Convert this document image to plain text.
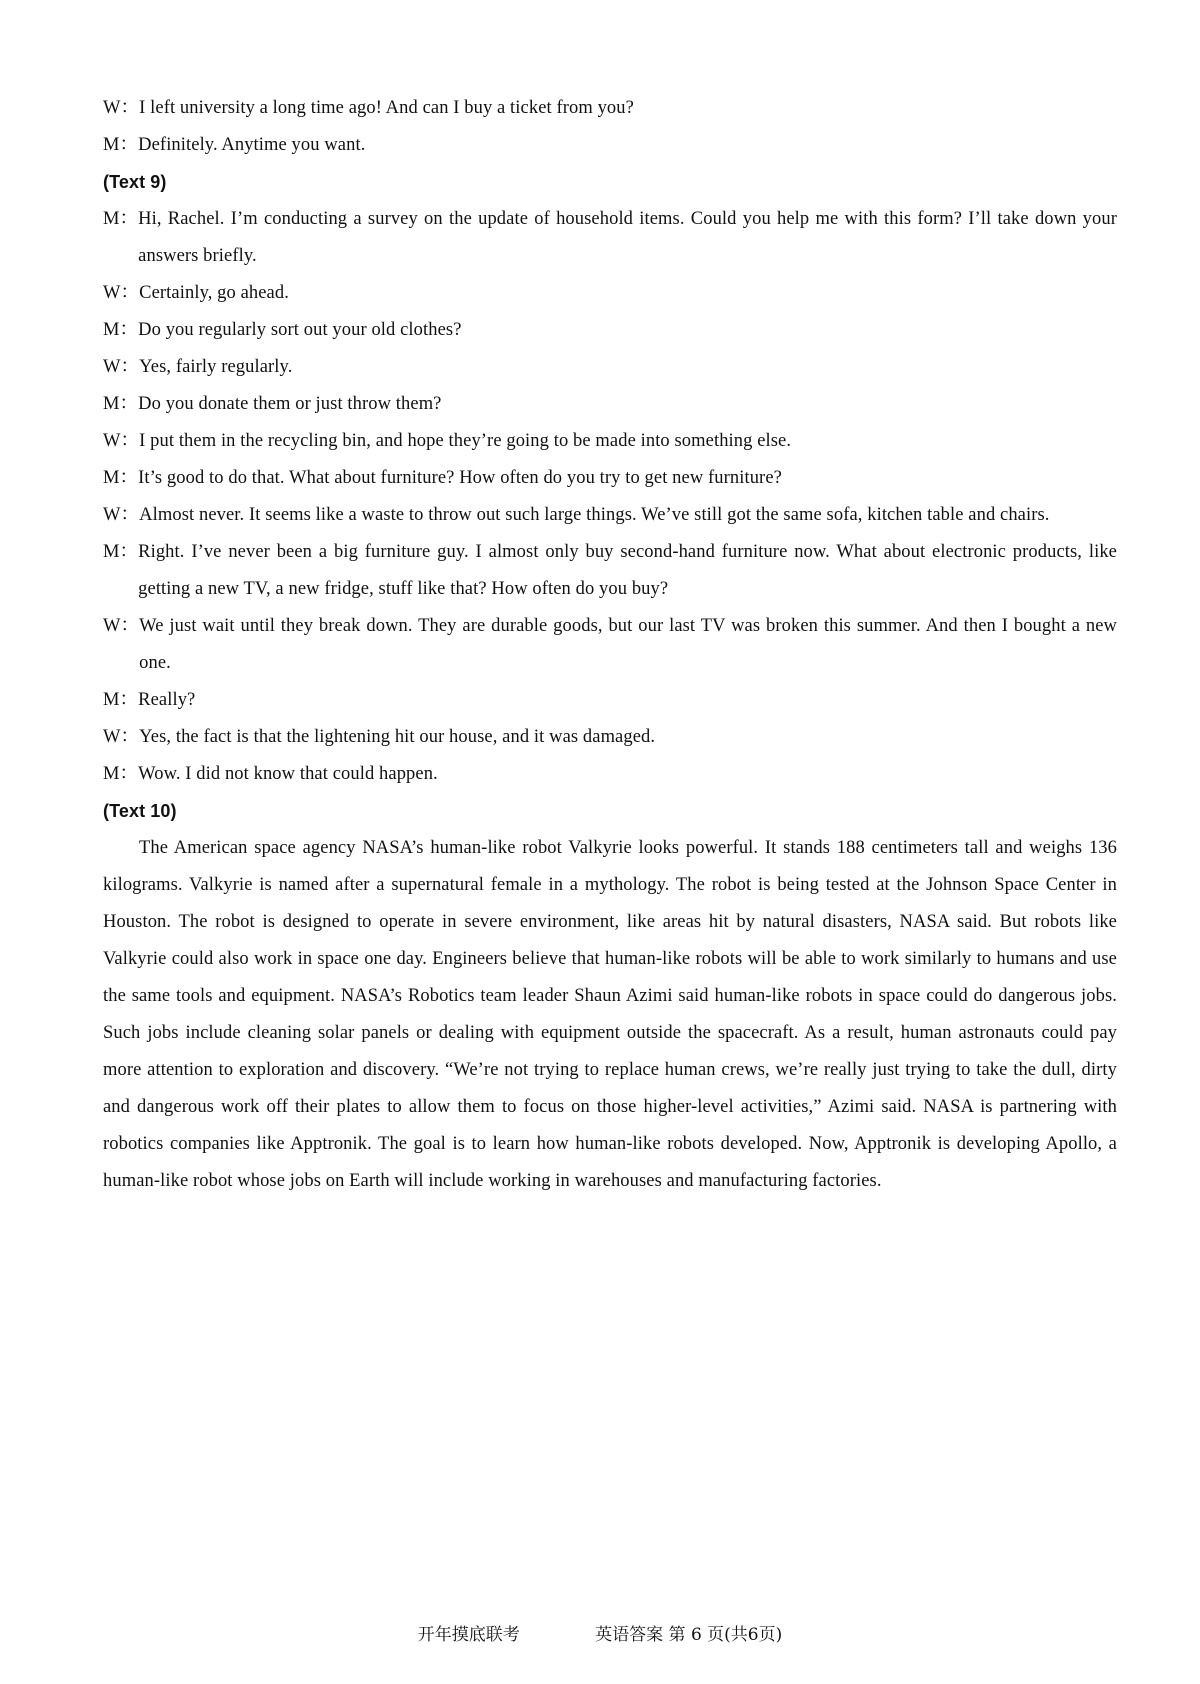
W： I left university a long time ago! And can I buy a ticket from you?
M： Definitely. Anytime you want.

(Text 9)

M： Hi, Rachel. I’m conducting a survey on the update of household items. Could you help me with this form? I’ll take down your answers briefly.
W： Certainly, go ahead.
M： Do you regularly sort out your old clothes?
W： Yes, fairly regularly.
M： Do you donate them or just throw them?
W： I put them in the recycling bin, and hope they’re going to be made into something else.
M： It’s good to do that. What about furniture? How often do you try to get new furniture?
W： Almost never. It seems like a waste to throw out such large things. We’ve still got the same sofa, kitchen table and chairs.
M： Right. I’ve never been a big furniture guy. I almost only buy second-hand furniture now. What about electronic products, like getting a new TV, a new fridge, stuff like that? How often do you buy?
W： We just wait until they break down. They are durable goods, but our last TV was broken this summer. And then I bought a new one.
M： Really?
W： Yes, the fact is that the lightening hit our house, and it was damaged.
M： Wow. I did not know that could happen.

(Text 10)

The American space agency NASA’s human-like robot Valkyrie looks powerful. It stands 188 centimeters tall and weighs 136 kilograms. Valkyrie is named after a supernatural female in a mythology. The robot is being tested at the Johnson Space Center in Houston. The robot is designed to operate in severe environment, like areas hit by natural disasters, NASA said. But robots like Valkyrie could also work in space one day. Engineers believe that human-like robots will be able to work similarly to humans and use the same tools and equipment. NASA’s Robotics team leader Shaun Azimi said human-like robots in space could do dangerous jobs. Such jobs include cleaning solar panels or dealing with equipment outside the spacecraft. As a result, human astronauts could pay more attention to exploration and discovery. “We’re not trying to replace human crews, we’re really just trying to take the dull, dirty and dangerous work off their plates to allow them to focus on those higher-level activities,” Azimi said. NASA is partnering with robotics companies like Apptronik. The goal is to learn how human-like robots developed. Now, Apptronik is developing Apollo, a human-like robot whose jobs on Earth will include working in warehouses and manufacturing factories.

开年摸底联考	英语答案 第 6 页(共6页)
